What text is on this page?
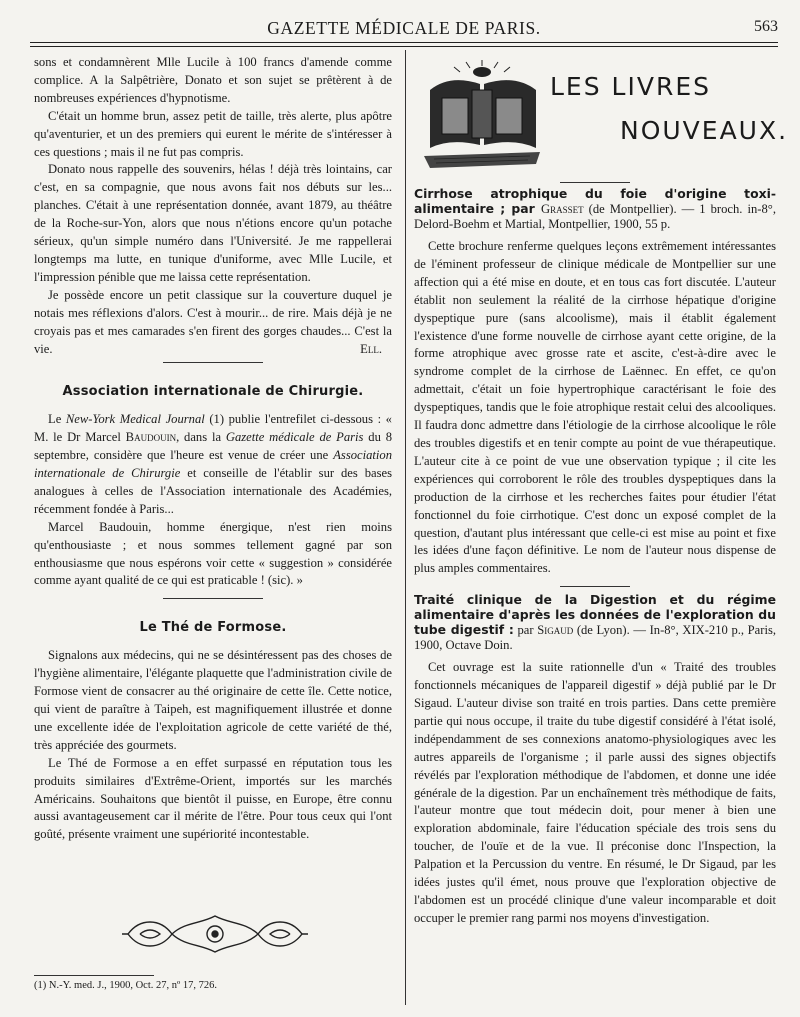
GAZETTE MÉDICALE DE PARIS.	563

sons et condamnèrent Mlle Lucile à 100 francs d'amende comme complice. A la Salpêtrière, Donato et son sujet se prêtèrent à de nombreuses expériences d'hypnotisme.

C'était un homme brun, assez petit de taille, très alerte, plus apôtre qu'aventurier, et un des premiers qui eurent le mérite de s'intéresser à ces questions ; mais il ne fut pas compris.

Donato nous rappelle des souvenirs, hélas ! déjà très lointains, car c'est, en sa compagnie, que nous avons fait nos débuts sur les... planches. C'était à une représentation donnée, avant 1879, au théâtre de la Roche-sur-Yon, alors que nous n'étions encore qu'un potache sérieux, qu'un simple numéro dans l'Université. Je me rappellerai longtemps ma lutte, en tunique d'uniforme, avec Mlle Lucile, et l'impression pénible que me laissa cette représentation.

Je possède encore un petit classique sur la couverture duquel je notais mes réflexions d'alors. C'est à mourir... de rire. Mais déjà je ne croyais pas et mes camarades s'en firent des gorges chaudes... C'est la vie.	Ell.

Association internationale de Chirurgie.

Le New-York Medical Journal (1) publie l'entrefilet ci-dessous : « M. le Dr Marcel Baudouin, dans la Gazette médicale de Paris du 8 septembre, considère que l'heure est venue de créer une Association internationale de Chirurgie et conseille de l'établir sur des bases analogues à celles de l'Association internationale des Académies, récemment fondée à Paris...

Marcel Baudouin, homme énergique, n'est rien moins qu'enthousiaste ; et nous sommes tellement gagné par son enthousiasme que nous espérons voir cette « suggestion » considérée comme ayant qualité de ce qui est praticable ! (sic). »

Le Thé de Formose.

Signalons aux médecins, qui ne se désintéressent pas des choses de l'hygiène alimentaire, l'élégante plaquette que l'administration civile de Formose vient de consacrer au thé originaire de cette île. Cette notice, qui vient de paraître à Taipeh, est magnifiquement illustrée et donne une excellente idée de l'exploitation agricole de cette variété de thé, très appréciée des gourmets.

Le Thé de Formose a en effet surpassé en réputation tous les produits similaires d'Extrême-Orient, importés sur les marchés Américains. Souhaitons que bientôt il puisse, en Europe, être connu aussi avantageusement car il mérite de l'être. Pour tous ceux qui l'ont goûté, présente vraiment une supériorité incontestable.

(1) N.-Y. med. J., 1900, Oct. 27, nº 17, 726.
LES LIVRES
NOUVEAUX.

Cirrhose atrophique du foie d'origine toxi-alimentaire ; par Grasset (de Montpellier). — 1 broch. in-8°, Delord-Boehm et Martial, Montpellier, 1900, 55 p.

Cette brochure renferme quelques leçons extrêmement intéressantes de l'éminent professeur de clinique médicale de Montpellier sur une affection qui a été mise en doute, et en tous cas fort discutée. L'auteur établit non seulement la réalité de la cirrhose hépatique d'origine dyspeptique pure (sans alcoolisme), mais il établit également l'existence d'une forme nouvelle de cirrhose ayant cette origine, de la forme atrophique avec grosse rate et ascite, c'est-à-dire avec le syndrome complet de la cirrhose de Laënnec. En effet, ce qu'on admettait, c'était un foie hypertrophique caractérisant le foie des dyspeptiques, tandis que le foie atrophique restait celui des alcooliques. Il faudra donc admettre dans l'étiologie de la cirrhose alcoolique le rôle des troubles digestifs et en tenir compte au point de vue thérapeutique. L'auteur cite à ce point de vue une observation typique ; il cite les expériences qui corroborent le rôle des troubles dyspeptiques dans la production de la cirrhose et les recherches faites pour étudier l'état fonctionnel du foie cirrhotique. C'est donc un exposé complet de la question, d'autant plus intéressant que celle-ci est mise au point et fixe les idées d'une façon définitive. Le nom de l'auteur nous dispense de plus amples commentaires.

Traité clinique de la Digestion et du régime alimentaire d'après les données de l'exploration du tube digestif : par Sigaud (de Lyon). — In-8°, XIX-210 p., Paris, 1900, Octave Doin.

Cet ouvrage est la suite rationnelle d'un « Traité des troubles fonctionnels mécaniques de l'appareil digestif » déjà publié par le Dr Sigaud. L'auteur divise son traité en trois parties. Dans cette première partie qui nous occupe, il traite du tube digestif considéré à l'état isolé, indépendamment de ses connexions anatomo-physiologiques avec les autres appareils de l'organisme ; il parle aussi des signes objectifs révélés par l'exploration méthodique de l'abdomen, et donne une idée générale de la digestion. Par un enchaînement très méthodique de faits, l'auteur montre que tout médecin doit, pour mener à bien une exploration abdominale, faire l'éducation spéciale des trois sens du toucher, de l'ouïe et de la vue. Il préconise donc l'Inspection, la Palpation et la Percussion du ventre. En résumé, le Dr Sigaud, par les idées justes qu'il émet, nous prouve que l'exploration objective de l'abdomen est un procédé clinique d'une valeur incomparable et doit occuper le premier rang parmi nos moyens d'investigation.
